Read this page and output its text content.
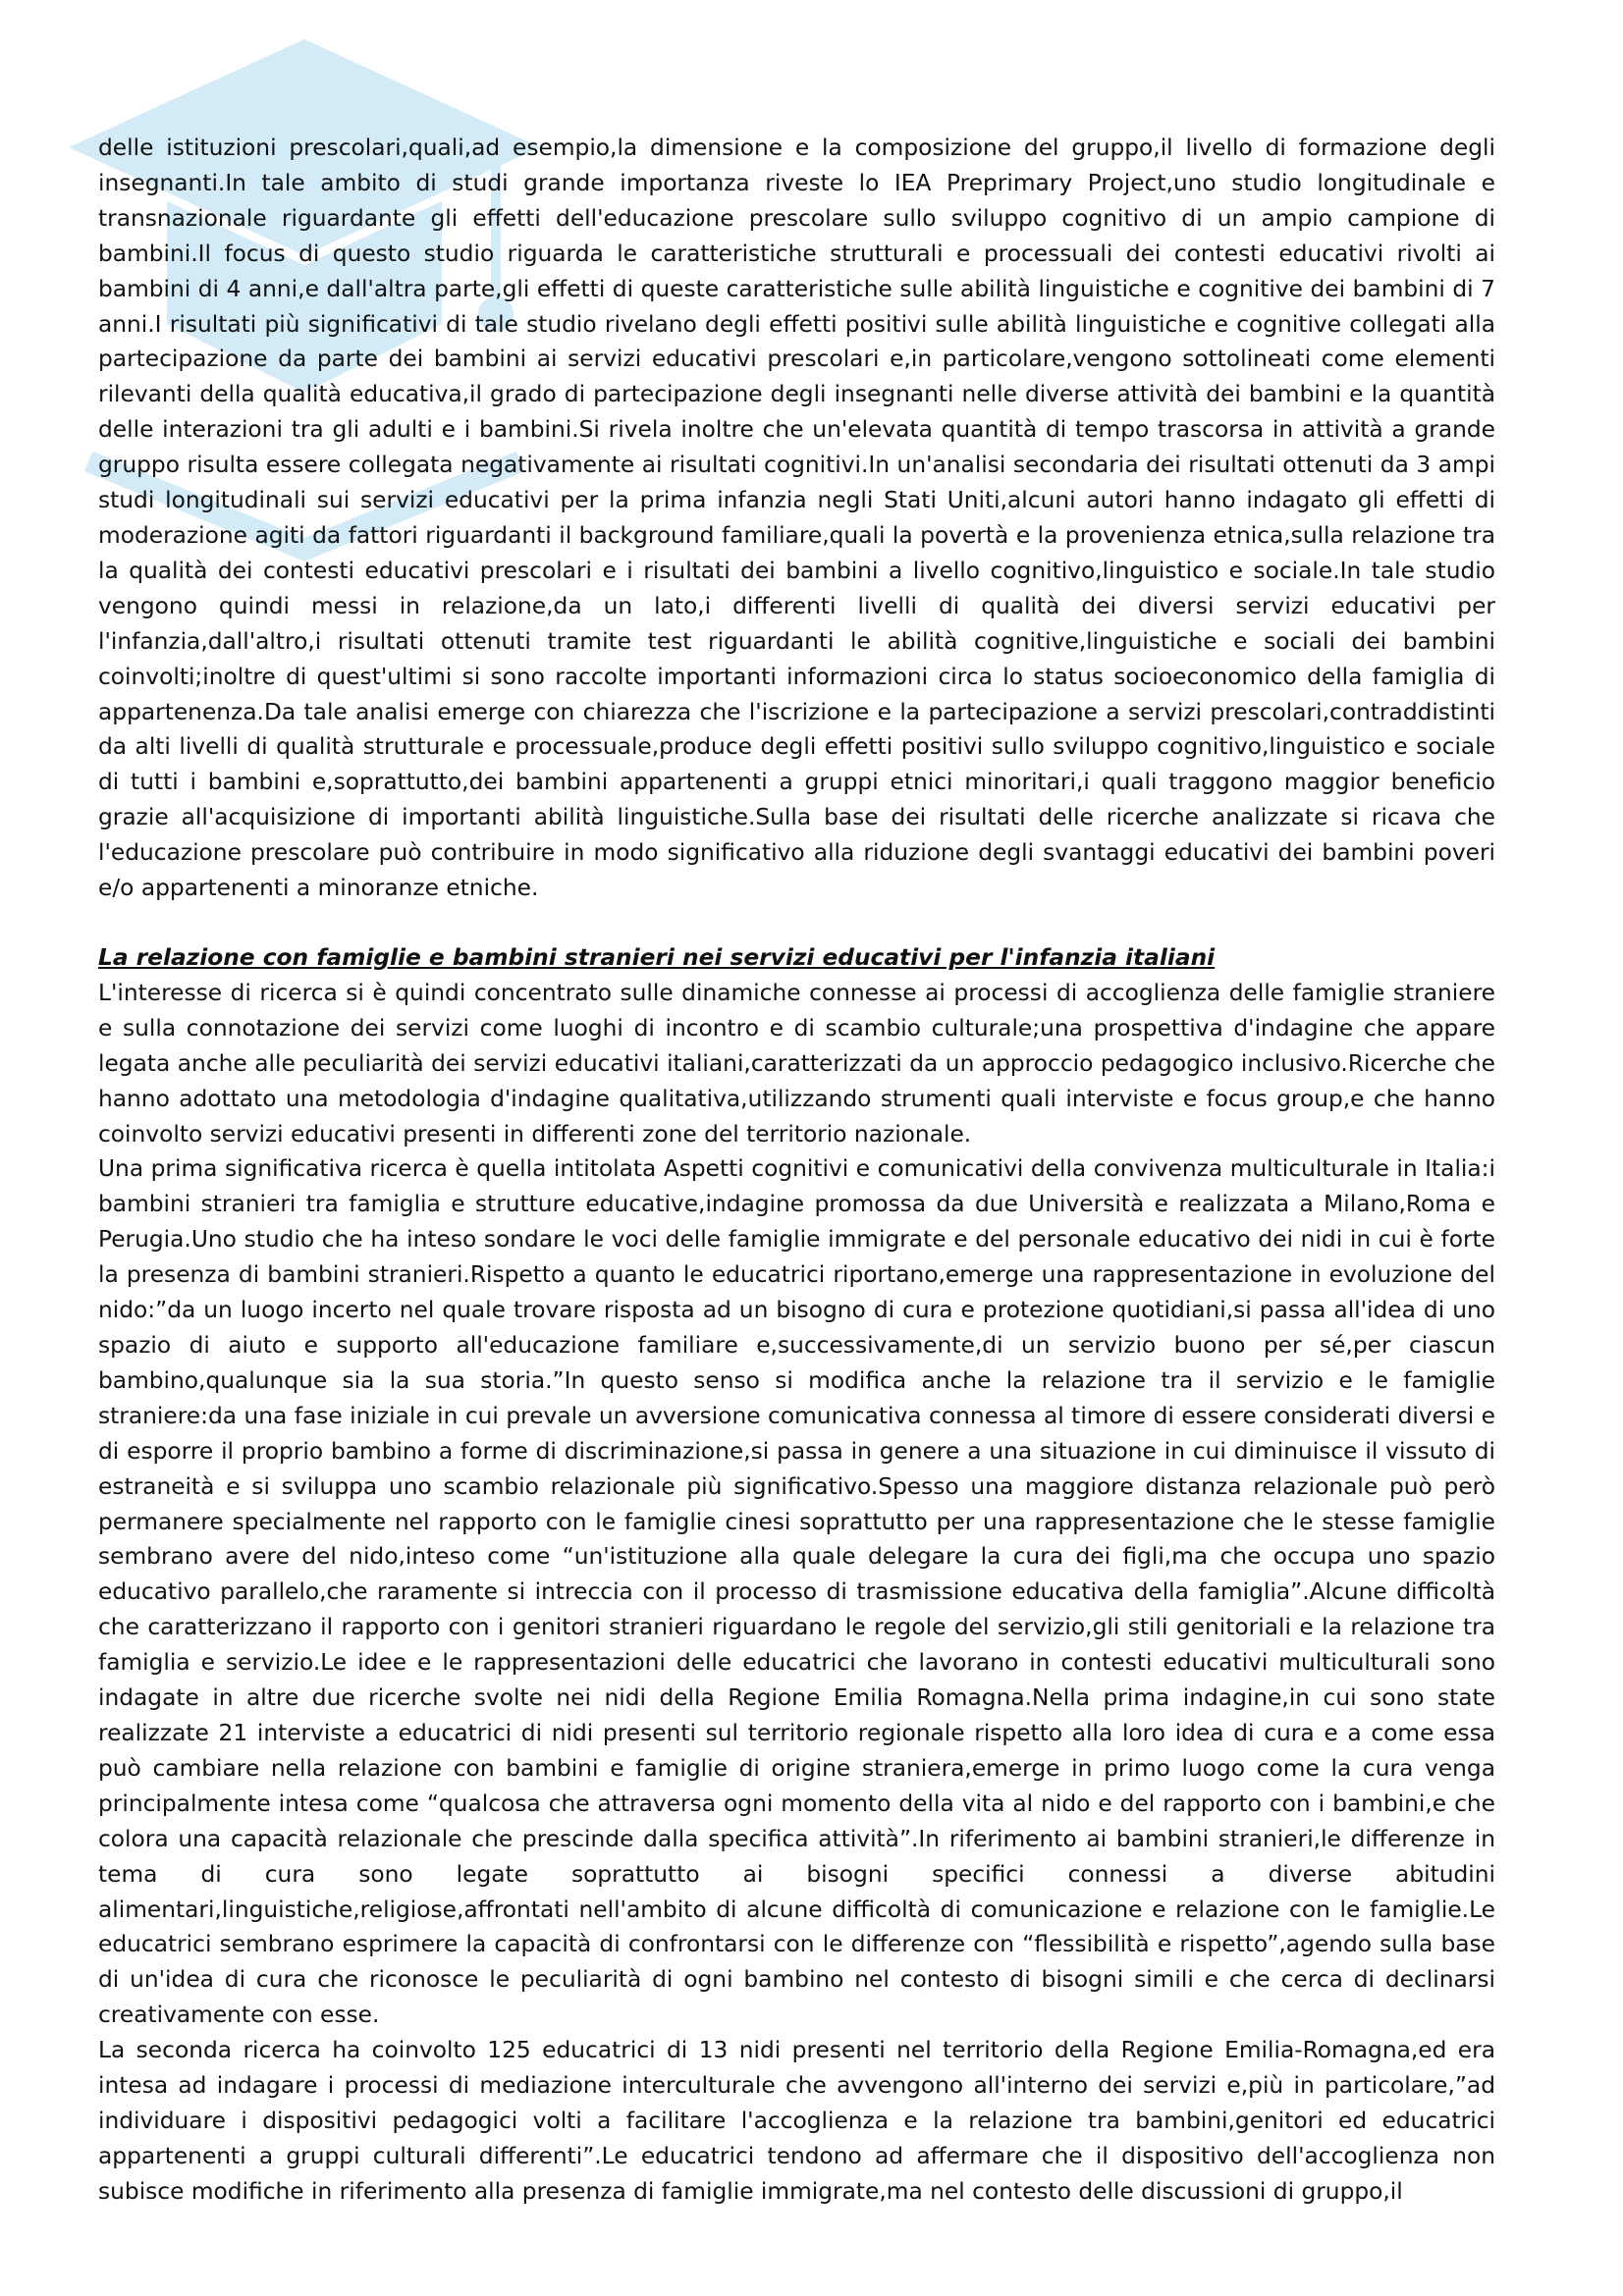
delle istituzioni prescolari,quali,ad esempio,la dimensione e la composizione del gruppo,il livello di formazione degli insegnanti.In tale ambito di studi grande importanza riveste lo IEA Preprimary Project,uno studio longitudinale e transnazionale riguardante gli effetti dell'educazione prescolare sullo sviluppo cognitivo di un ampio campione di bambini.Il focus di questo studio riguarda le caratteristiche strutturali e processuali dei contesti educativi rivolti ai bambini di 4 anni,e dall'altra parte,gli effetti di queste caratteristiche sulle abilità linguistiche e cognitive dei bambini di 7 anni.I risultati più significativi di tale studio rivelano degli effetti positivi sulle abilità linguistiche e cognitive collegati alla partecipazione da parte dei bambini ai servizi educativi prescolari e,in particolare,vengono sottolineati come elementi rilevanti della qualità educativa,il grado di partecipazione degli insegnanti nelle diverse attività dei bambini e la quantità delle interazioni tra gli adulti e i bambini.Si rivela inoltre che un'elevata quantità di tempo trascorsa in attività a grande gruppo risulta essere collegata negativamente ai risultati cognitivi.In un'analisi secondaria dei risultati ottenuti da 3 ampi studi longitudinali sui servizi educativi per la prima infanzia negli Stati Uniti,alcuni autori hanno indagato gli effetti di moderazione agiti da fattori riguardanti il background familiare,quali la povertà e la provenienza etnica,sulla relazione tra la qualità dei contesti educativi prescolari e i risultati dei bambini a livello cognitivo,linguistico e sociale.In tale studio vengono quindi messi in relazione,da un lato,i differenti livelli di qualità dei diversi servizi educativi per l'infanzia,dall'altro,i risultati ottenuti tramite test riguardanti le abilità cognitive,linguistiche e sociali dei bambini coinvolti;inoltre di quest'ultimi si sono raccolte importanti informazioni circa lo status socioeconomico della famiglia di appartenenza.Da tale analisi emerge con chiarezza che l'iscrizione e la partecipazione a servizi prescolari,contraddistinti da alti livelli di qualità strutturale e processuale,produce degli effetti positivi sullo sviluppo cognitivo,linguistico e sociale di tutti i bambini e,soprattutto,dei bambini appartenenti a gruppi etnici minoritari,i quali traggono maggior beneficio grazie all'acquisizione di importanti abilità linguistiche.Sulla base dei risultati delle ricerche analizzate si ricava che l'educazione prescolare può contribuire in modo significativo alla riduzione degli svantaggi educativi dei bambini poveri e/o appartenenti a minoranze etniche.

La relazione con famiglie e bambini stranieri nei servizi educativi per l'infanzia italiani

L'interesse di ricerca si è quindi concentrato sulle dinamiche connesse ai processi di accoglienza delle famiglie straniere e sulla connotazione dei servizi come luoghi di incontro e di scambio culturale;una prospettiva d'indagine che appare legata anche alle peculiarità dei servizi educativi italiani,caratterizzati da un approccio pedagogico inclusivo.Ricerche che hanno adottato una metodologia d'indagine qualitativa,utilizzando strumenti quali interviste e focus group,e che hanno coinvolto servizi educativi presenti in differenti zone del territorio nazionale.

Una prima significativa ricerca è quella intitolata Aspetti cognitivi e comunicativi della convivenza multiculturale in Italia:i bambini stranieri tra famiglia e strutture educative,indagine promossa da due Università e realizzata a Milano,Roma e Perugia.Uno studio che ha inteso sondare le voci delle famiglie immigrate e del personale educativo dei nidi in cui è forte la presenza di bambini stranieri.Rispetto a quanto le educatrici riportano,emerge una rappresentazione in evoluzione del nido:”da un luogo incerto nel quale trovare risposta ad un bisogno di cura e protezione quotidiani,si passa all'idea di uno spazio di aiuto e supporto all'educazione familiare e,successivamente,di un servizio buono per sé,per ciascun bambino,qualunque sia la sua storia.”In questo senso si modifica anche la relazione tra il servizio e le famiglie straniere:da una fase iniziale in cui prevale un avversione comunicativa connessa al timore di essere considerati diversi e di esporre il proprio bambino a forme di discriminazione,si passa in genere a una situazione in cui diminuisce il vissuto di estraneità e si sviluppa uno scambio relazionale più significativo.Spesso una maggiore distanza relazionale può però permanere specialmente nel rapporto con le famiglie cinesi soprattutto per una rappresentazione che le stesse famiglie sembrano avere del nido,inteso come “un'istituzione alla quale delegare la cura dei figli,ma che occupa uno spazio educativo parallelo,che raramente si intreccia con il processo di trasmissione educativa della famiglia”.Alcune difficoltà che caratterizzano il rapporto con i genitori stranieri riguardano le regole del servizio,gli stili genitoriali e la relazione tra famiglia e servizio.Le idee e le rappresentazioni delle educatrici che lavorano in contesti educativi multiculturali sono indagate in altre due ricerche svolte nei nidi della Regione Emilia Romagna.Nella prima indagine,in cui sono state realizzate 21 interviste a educatrici di nidi presenti sul territorio regionale rispetto alla loro idea di cura e a come essa può cambiare nella relazione con bambini e famiglie di origine straniera,emerge in primo luogo come la cura venga principalmente intesa come “qualcosa che attraversa ogni momento della vita al nido e del rapporto con i bambini,e che colora una capacità relazionale che prescinde dalla specifica attività”.In riferimento ai bambini stranieri,le differenze in tema di cura sono legate soprattutto ai bisogni specifici connessi a diverse abitudini alimentari,linguistiche,religiose,affrontati nell'ambito di alcune difficoltà di comunicazione e relazione con le famiglie.Le educatrici sembrano esprimere la capacità di confrontarsi con le differenze con “flessibilità e rispetto”,agendo sulla base di un'idea di cura che riconosce le peculiarità di ogni bambino nel contesto di bisogni simili e che cerca di declinarsi creativamente con esse.

La seconda ricerca ha coinvolto 125 educatrici di 13 nidi presenti nel territorio della Regione Emilia-Romagna,ed era intesa ad indagare i processi di mediazione interculturale che avvengono all'interno dei servizi e,più in particolare,”ad individuare i dispositivi pedagogici volti a facilitare l'accoglienza e la relazione tra bambini,genitori ed educatrici appartenenti a gruppi culturali differenti”.Le educatrici tendono ad affermare che il dispositivo dell'accoglienza non subisce modifiche in riferimento alla presenza di famiglie immigrate,ma nel contesto delle discussioni di gruppo,il
